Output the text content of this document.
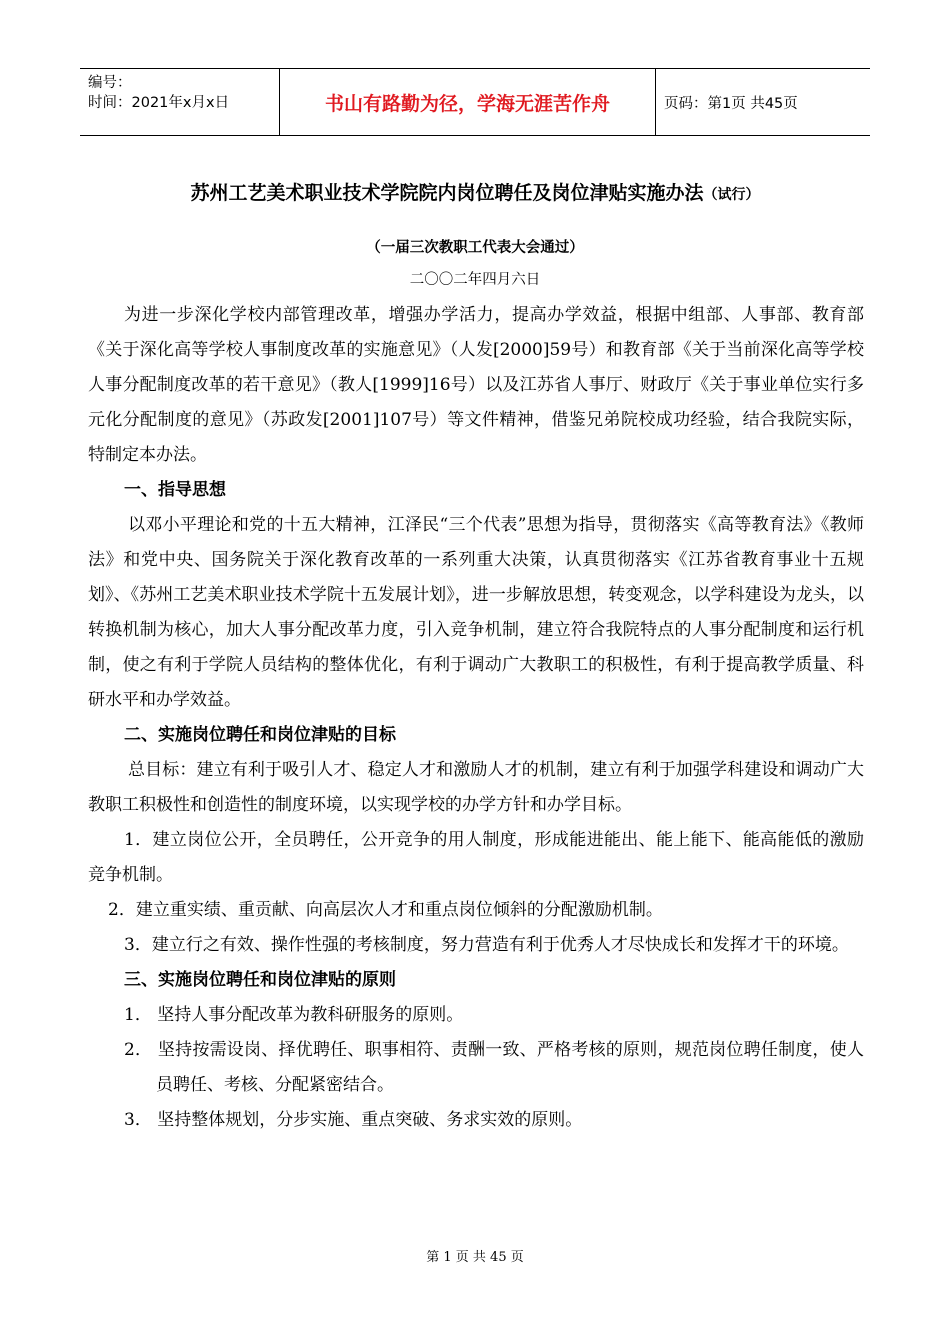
编号：
时间：2021年x月x日	书山有路勤为径，学海无涯苦作舟	页码：第1页 共45页
苏州工艺美术职业技术学院院内岗位聘任及岗位津贴实施办法（试行）
（一届三次教职工代表大会通过）
二〇〇二年四月六日

为进一步深化学校内部管理改革，增强办学活力，提高办学效益，根据中组部、人事部、教育部《关于深化高等学校人事制度改革的实施意见》（人发[2000]59号）和教育部《关于当前深化高等学校人事分配制度改革的若干意见》（教人[1999]16号）以及江苏省人事厅、财政厅《关于事业单位实行多元化分配制度的意见》（苏政发[2001]107号）等文件精神，借鉴兄弟院校成功经验，结合我院实际，特制定本办法。

一、指导思想

以邓小平理论和党的十五大精神，江泽民“三个代表”思想为指导，贯彻落实《高等教育法》《教师法》和党中央、国务院关于深化教育改革的一系列重大决策，认真贯彻落实《江苏省教育事业十五规划》、《苏州工艺美术职业技术学院十五发展计划》，进一步解放思想，转变观念，以学科建设为龙头，以转换机制为核心，加大人事分配改革力度，引入竞争机制，建立符合我院特点的人事分配制度和运行机制，使之有利于学院人员结构的整体优化，有利于调动广大教职工的积极性，有利于提高教学质量、科研水平和办学效益。

二、实施岗位聘任和岗位津贴的目标

总目标：建立有利于吸引人才、稳定人才和激励人才的机制，建立有利于加强学科建设和调动广大教职工积极性和创造性的制度环境，以实现学校的办学方针和办学目标。

1．建立岗位公开，全员聘任，公开竞争的用人制度，形成能进能出、能上能下、能高能低的激励竞争机制。

2．建立重实绩、重贡献、向高层次人才和重点岗位倾斜的分配激励机制。

3．建立行之有效、操作性强的考核制度，努力营造有利于优秀人才尽快成长和发挥才干的环境。

三、实施岗位聘任和岗位津贴的原则

1． 坚持人事分配改革为教科研服务的原则。

2． 坚持按需设岗、择优聘任、职事相符、责酬一致、严格考核的原则，规范岗位聘任制度，使人员聘任、考核、分配紧密结合。

3． 坚持整体规划，分步实施、重点突破、务求实效的原则。

第 1 页 共 45 页
